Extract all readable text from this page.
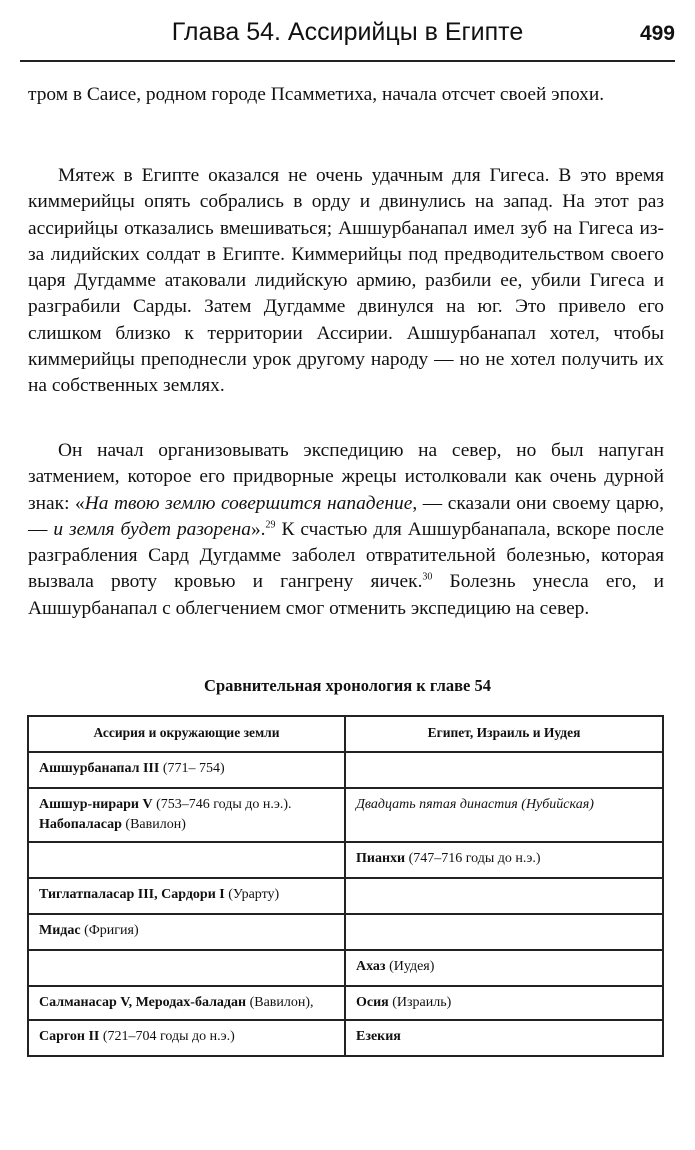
Глава 54. Ассирийцы в Египте	499

тром в Саисе, родном городе Псамметиха, начала отсчет своей эпохи.

Мятеж в Египте оказался не очень удачным для Гигеса. В это время киммерийцы опять собрались в орду и двинулись на запад. На этот раз ассирийцы отказались вмешиваться; Ашшурбанапал имел зуб на Гигеса из-за лидийских солдат в Египте. Киммерийцы под предводительством своего царя Дугдамме атаковали лидийскую армию, разбили ее, убили Гигеса и разграбили Сарды. Затем Дугдамме двинулся на юг. Это привело его слишком близко к территории Ассирии. Ашшурбанапал хотел, чтобы киммерийцы преподнесли урок другому народу — но не хотел получить их на собственных землях.

Он начал организовывать экспедицию на север, но был напуган затмением, которое его придворные жрецы истолковали как очень дурной знак: «На твою землю совершится нападение, — сказали они своему царю, — и земля будет разорена».$^{29}$ К счастью для Ашшурбанапала, вскоре после разграбления Сард Дугдамме заболел отвратительной болезнью, которая вызвала рвоту кровью и гангрену яичек.$^{30}$ Болезнь унесла его, и Ашшурбанапал с облегчением смог отменить экспедицию на север.

Сравнительная хронология к главе 54
Ассирия и окружающие земли	Египет, Израиль и Иудея
Ашшурбанапал III (771– 754)	
Ашшур-нирари V (753–746 годы до н.э.). Набопаласар (Вавилон)	Двадцать пятая династия (Нубийская)
	Пианхи (747–716 годы до н.э.)
Тиглатпаласар III, Сардори I (Урарту)	
Мидас (Фригия)	
	Ахаз (Иудея)
Салманасар V, Меродах-баладан (Вавилон),	Осия (Израиль)
Саргон II (721–704 годы до н.э.)	Езекия
